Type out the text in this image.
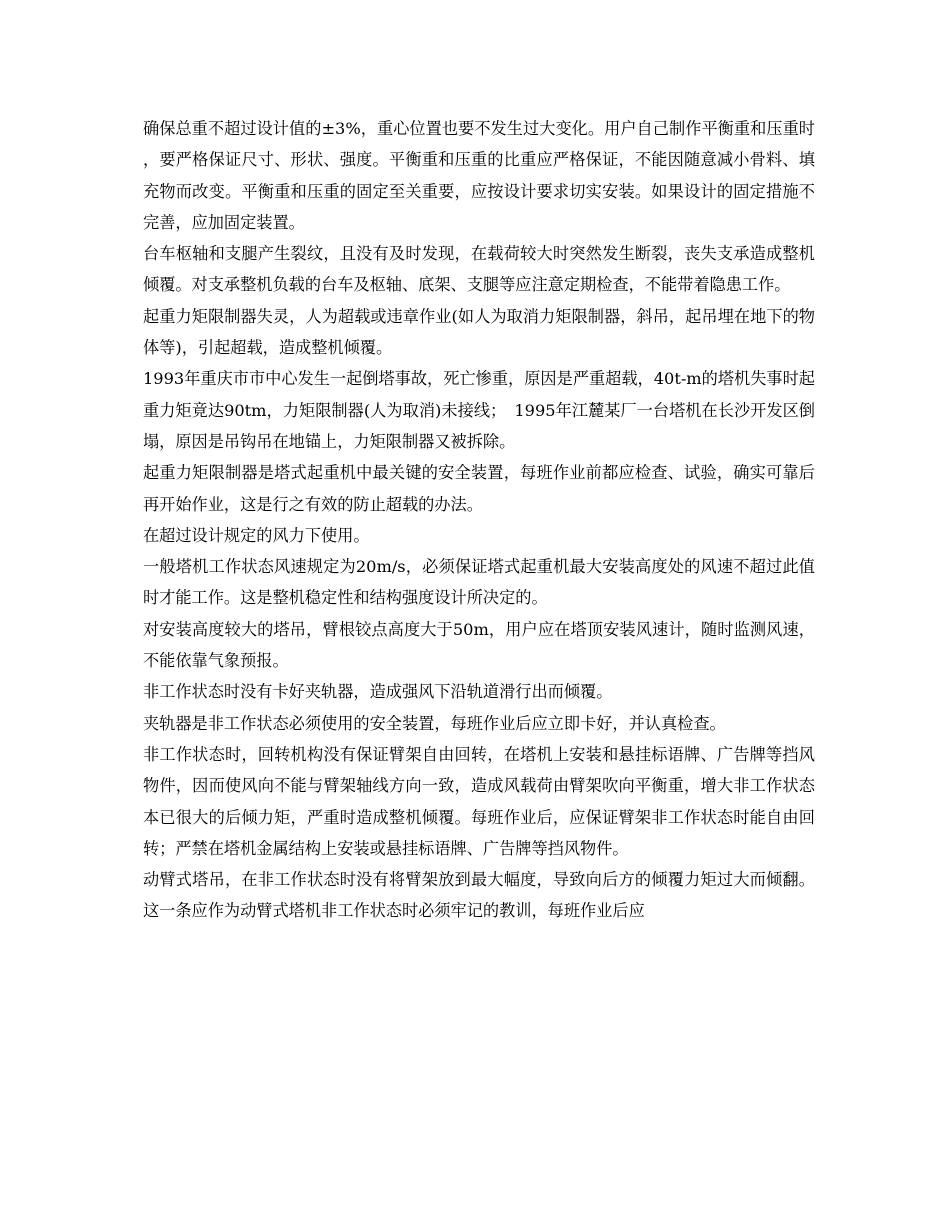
确保总重不超过设计值的±3%，重心位置也要不发生过大变化。用户自己制作平衡重和压重时，要严格保证尺寸、形状、强度。平衡重和压重的比重应严格保证，不能因随意减小骨料、填充物而改变。平衡重和压重的固定至关重要，应按设计要求切实安装。如果设计的固定措施不完善，应加固定装置。

台车枢轴和支腿产生裂纹，且没有及时发现，在载荷较大时突然发生断裂，丧失支承造成整机倾覆。对支承整机负载的台车及枢轴、底架、支腿等应注意定期检查，不能带着隐患工作。

起重力矩限制器失灵，人为超载或违章作业(如人为取消力矩限制器，斜吊，起吊埋在地下的物体等)，引起超载，造成整机倾覆。

1993年重庆市市中心发生一起倒塔事故，死亡惨重，原因是严重超载，40t-m的塔机失事时起重力矩竟达90tm，力矩限制器(人为取消)未接线；　1995年江麓某厂一台塔机在长沙开发区倒塌，原因是吊钩吊在地锚上，力矩限制器又被拆除。

起重力矩限制器是塔式起重机中最关键的安全装置，每班作业前都应检查、试验，确实可靠后再开始作业，这是行之有效的防止超载的办法。

在超过设计规定的风力下使用。

一般塔机工作状态风速规定为20m/s，必须保证塔式起重机最大安装高度处的风速不超过此值时才能工作。这是整机稳定性和结构强度设计所决定的。

对安装高度较大的塔吊，臂根铰点高度大于50m，用户应在塔顶安装风速计，随时监测风速，不能依靠气象预报。

非工作状态时没有卡好夹轨器，造成强风下沿轨道滑行出而倾覆。

夹轨器是非工作状态必须使用的安全装置，每班作业后应立即卡好，并认真检查。

非工作状态时，回转机构没有保证臂架自由回转，在塔机上安装和悬挂标语牌、广告牌等挡风物件，因而使风向不能与臂架轴线方向一致，造成风载荷由臂架吹向平衡重，增大非工作状态本已很大的后倾力矩，严重时造成整机倾覆。每班作业后，应保证臂架非工作状态时能自由回转；严禁在塔机金属结构上安装或悬挂标语牌、广告牌等挡风物件。

动臂式塔吊，在非工作状态时没有将臂架放到最大幅度，导致向后方的倾覆力矩过大而倾翻。这一条应作为动臂式塔机非工作状态时必须牢记的教训，每班作业后应
